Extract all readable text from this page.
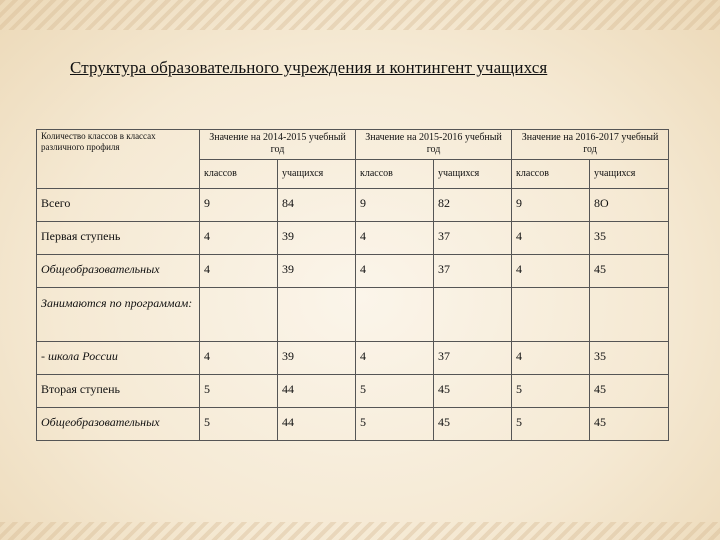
Структура образовательного учреждения и контингент учащихся
Количество классов в классах различного профиля	Значение на 2014-2015 учебный год		Значение на 2015-2016 учебный год		Значение на 2016-2017 учебный год	
	классов	учащихся	классов	учащихся	классов	учащихся
Всего	9	84	9	82	9	8О
Первая ступень	4	39	4	37	4	35
Общеобразовательных	4	39	4	37	4	45
Занимаются по программам:						
- школа России	4	39	4	37	4	35
Вторая ступень	5	44	5	45	5	45
Общеобразовательных	5	44	5	45	5	45
